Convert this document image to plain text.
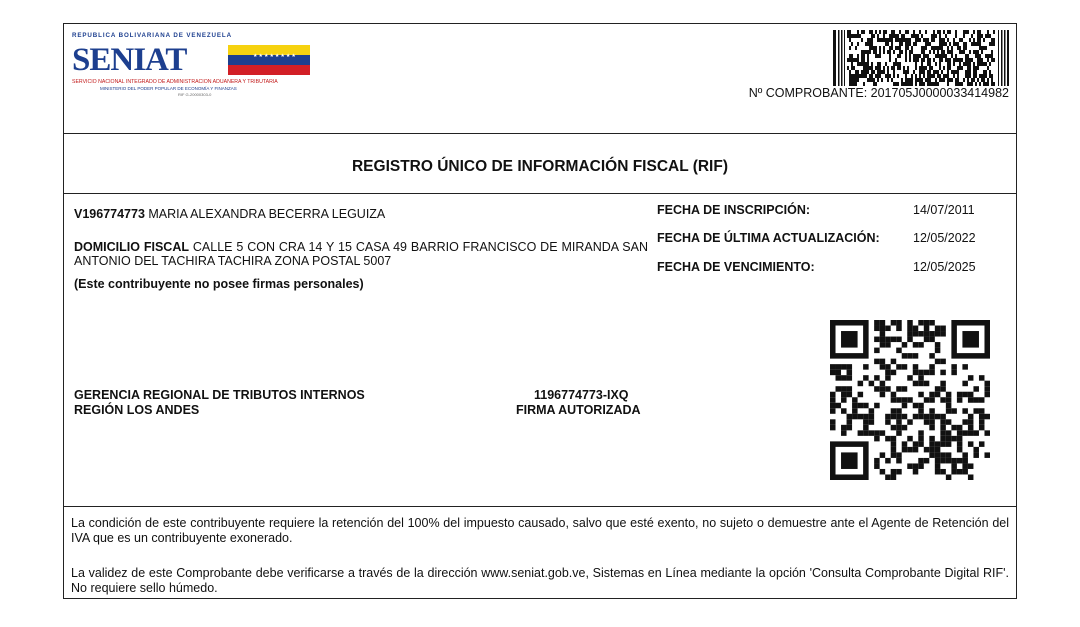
REPUBLICA BOLIVARIANA DE VENEZUELA
SENIAT	★★★★★★★★
SERVICIO NACIONAL INTEGRADO DE ADMINISTRACION ADUANERA Y TRIBUTARIA
MINISTERIO DEL PODER POPULAR DE ECONOMÍA Y FINANZAS
RIF G-20000303-0	Nº COMPROBANTE: 201705J0000033414982
REGISTRO ÚNICO DE INFORMACIÓN FISCAL (RIF)
V196774773 MARIA ALEXANDRA BECERRA LEGUIZA
DOMICILIO FISCAL CALLE 5 CON CRA 14 Y 15 CASA 49 BARRIO FRANCISCO DE MIRANDA SAN ANTONIO DEL TACHIRA TACHIRA ZONA POSTAL 5007
(Este contribuyente no posee firmas personales)
FECHA DE INSCRIPCIÓN:	14/07/2011
FECHA DE ÚLTIMA ACTUALIZACIÓN:	12/05/2022
FECHA DE VENCIMIENTO:	12/05/2025
GERENCIA REGIONAL DE TRIBUTOS INTERNOS
REGIÓN LOS ANDES
1196774773-IXQ
FIRMA AUTORIZADA
La condición de este contribuyente requiere la retención del 100% del impuesto causado, salvo que esté exento, no sujeto o demuestre ante el Agente de Retención del IVA que es un contribuyente exonerado.
La validez de este Comprobante debe verificarse a través de la dirección www.seniat.gob.ve, Sistemas en Línea mediante la opción 'Consulta Comprobante Digital RIF'. No requiere sello húmedo.
